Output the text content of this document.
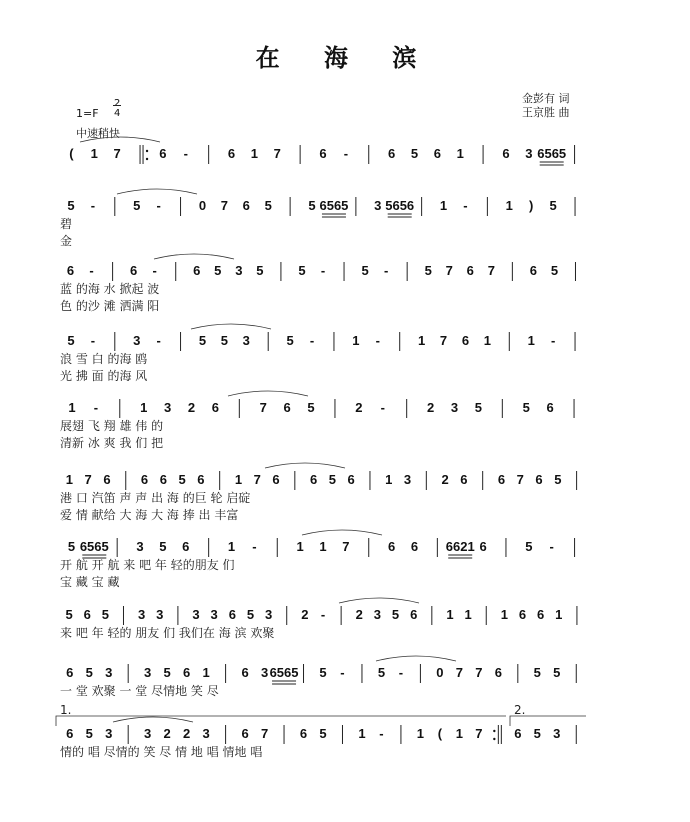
在 海 滨
金彭有 词
王京胜 曲
1=F
2
4
中速稍快
( 1 7	6 -	6 1 7	6 -	6 5 6 1	6 3 6565
5 -	5 -	0 7 6 5	5 6565 3 5656 1 -	1 ) 5
碧
金
6 -	6 -	6 5 3 5	5 -	5 -	5 7 6 7	6 5
蓝 的海 水 掀起 波
色 的沙 滩 洒满 阳
5 -	3 -	5 5 3	5 -	1 -	1 7 6 1	1 -
浪 雪 白 的海 鸥
光 拂 面 的海 风
1 -	1 3 2 6	7 6 5	2 -	2 3 5	5 6
展翅 飞 翔 雄 伟 的
清新 冰 爽 我 们 把
1 7 6 6 6 5 6 1 7 6 6 5 6 1 3 2 6 6 7 6 5
港 口 汽笛 声 声 出 海 的巨 轮 启碇
爱 情 献给 大 海 大 海 捧 出 丰富
5 6565 3 5 6	1 -	1 1 7	6 6 6621 6	5 -
开 航 开 航 来 吧 年 轻的朋友 们
宝 藏 宝 藏
5 6 5 3 3 3 3 6 5 3 2 - 2 3 5 6 1 1 1 6 6 1
来 吧 年 轻的 朋友 们 我们在 海 滨 欢聚
6 5 3 3 5 6 1 6 3 6565 5 -	5 -	0 7 7 6 5 5
一 堂 欢聚 一 堂 尽情地 笑 尽
6 5 3 3 2 2 3 6 7 6 5 1 -	1 ( 1 7 6 5 3
情的 唱 尽情的 笑 尽 情 地 唱 情地 唱
1.	2.
